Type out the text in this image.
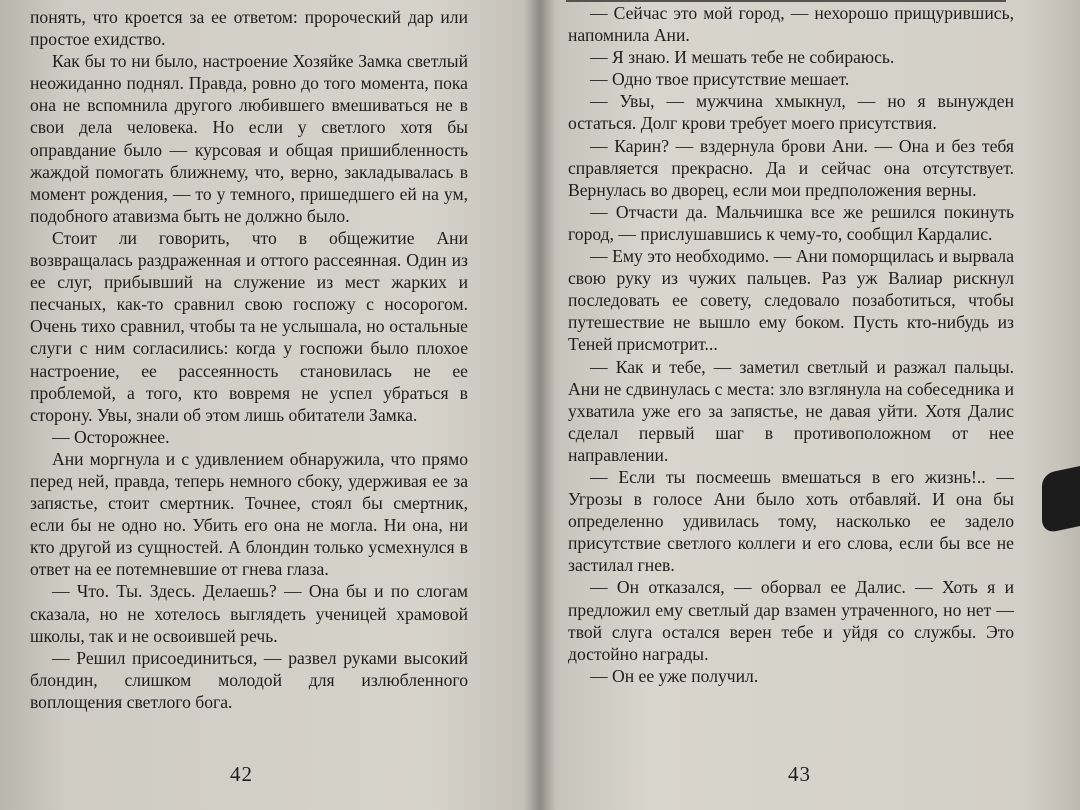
понять, что кроется за ее ответом: пророческий дар или простое ехидство.

Как бы то ни было, настроение Хозяйке Замка светлый неожиданно поднял. Правда, ровно до того момента, пока она не вспомнила другого любившего вмешиваться не в свои дела человека. Но если у светлого хотя бы оправдание было — курсовая и общая пришибленность жаждой помогать ближнему, что, верно, закладывалась в момент рождения, — то у темного, пришедшего ей на ум, подобного атавизма быть не должно было.

Стоит ли говорить, что в общежитие Ани возвращалась раздраженная и оттого рассеянная. Один из ее слуг, прибывший на служение из мест жарких и песчаных, как-то сравнил свою госпожу с носорогом. Очень тихо сравнил, чтобы та не услышала, но остальные слуги с ним согласились: когда у госпожи было плохое настроение, ее рассеянность становилась не ее проблемой, а того, кто вовремя не успел убраться в сторону. Увы, знали об этом лишь обитатели Замка.

— Осторожнее.

Ани моргнула и с удивлением обнаружила, что прямо перед ней, правда, теперь немного сбоку, удерживая ее за запястье, стоит смертник. Точнее, стоял бы смертник, если бы не одно но. Убить его она не могла. Ни она, ни кто другой из сущностей. А блондин только усмехнулся в ответ на ее потемневшие от гнева глаза.

— Что. Ты. Здесь. Делаешь? — Она бы и по слогам сказала, но не хотелось выглядеть ученицей храмовой школы, так и не освоившей речь.

— Решил присоединиться, — развел руками высокий блондин, слишком молодой для излюбленного воплощения светлого бога.

42

— Сейчас это мой город, — нехорошо прищурившись, напомнила Ани.

— Я знаю. И мешать тебе не собираюсь.

— Одно твое присутствие мешает.

— Увы, — мужчина хмыкнул, — но я вынужден остаться. Долг крови требует моего присутствия.

— Карин? — вздернула брови Ани. — Она и без тебя справляется прекрасно. Да и сейчас она отсутствует. Вернулась во дворец, если мои предположения верны.

— Отчасти да. Мальчишка все же решился покинуть город, — прислушавшись к чему-то, сообщил Кардалис.

— Ему это необходимо. — Ани поморщилась и вырвала свою руку из чужих пальцев. Раз уж Валиар рискнул последовать ее совету, следовало позаботиться, чтобы путешествие не вышло ему боком. Пусть кто-нибудь из Теней присмотрит...

— Как и тебе, — заметил светлый и разжал пальцы. Ани не сдвинулась с места: зло взглянула на собеседника и ухватила уже его за запястье, не давая уйти. Хотя Далис сделал первый шаг в противоположном от нее направлении.

— Если ты посмеешь вмешаться в его жизнь!.. — Угрозы в голосе Ани было хоть отбавляй. И она бы определенно удивилась тому, насколько ее задело присутствие светлого коллеги и его слова, если бы все не застилал гнев.

— Он отказался, — оборвал ее Далис. — Хоть я и предложил ему светлый дар взамен утраченного, но нет — твой слуга остался верен тебе и уйдя со службы. Это достойно награды.

— Он ее уже получил.

43
